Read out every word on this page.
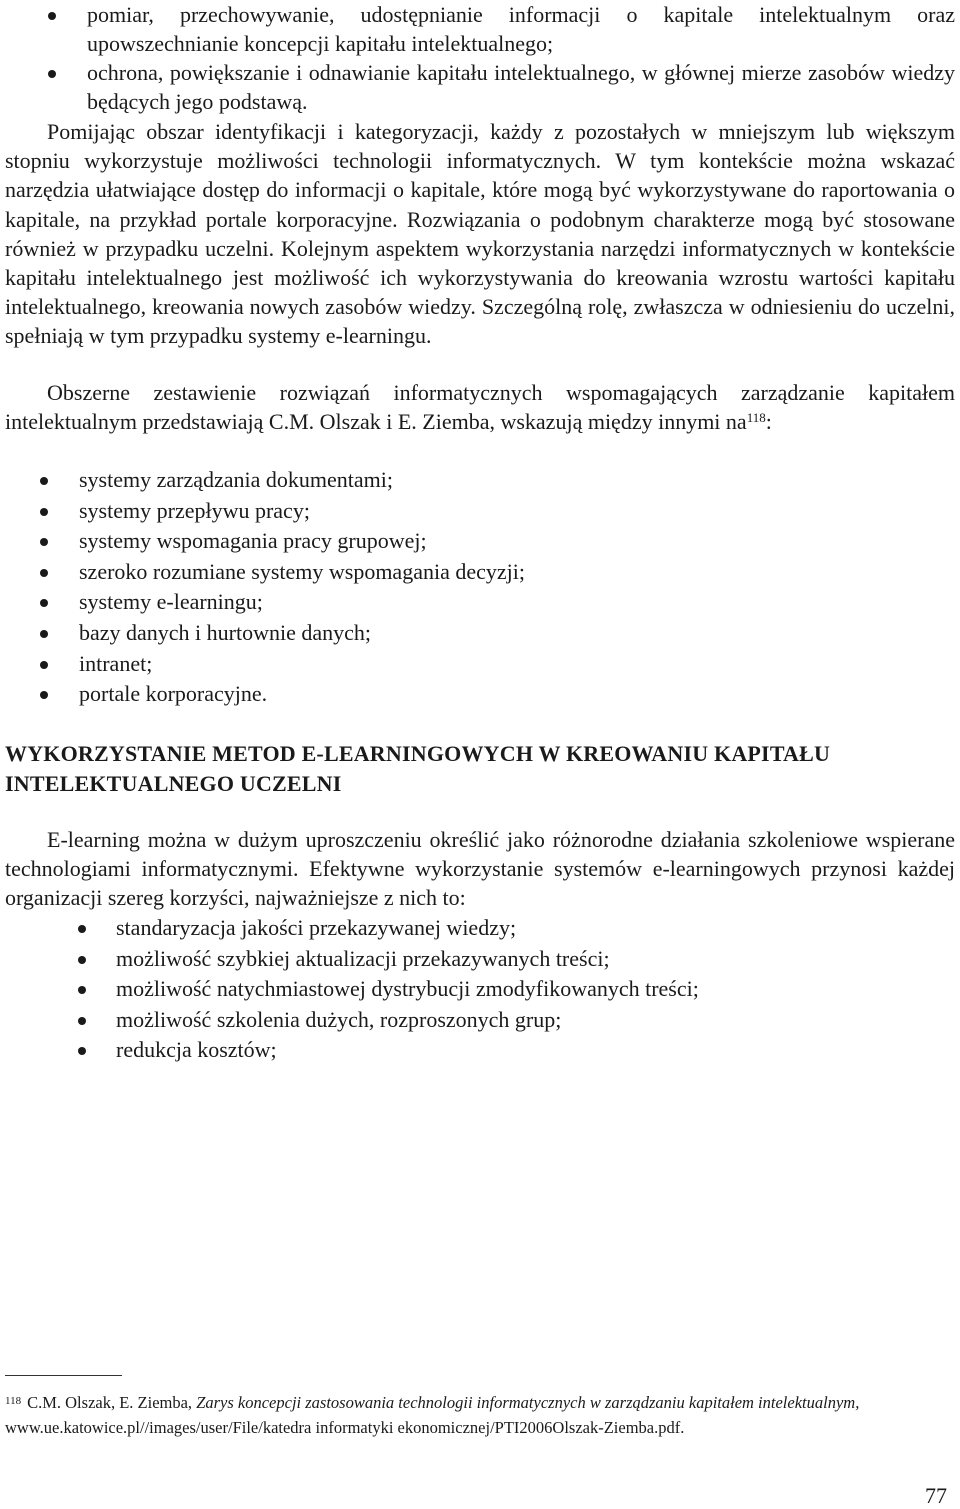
pomiar, przechowywanie, udostępnianie informacji o kapitale intelektualnym oraz upowszechnianie koncepcji kapitału intelektualnego;
ochrona, powiększanie i odnawianie kapitału intelektualnego, w głównej mierze zasobów wiedzy będących jego podstawą.

Pomijając obszar identyfikacji i kategoryzacji, każdy z pozostałych w mniejszym lub większym stopniu wykorzystuje możliwości technologii informatycznych. W tym kontekście można wskazać narzędzia ułatwiające dostęp do informacji o kapitale, które mogą być wykorzystywane do raportowania o kapitale, na przykład portale korporacyjne. Rozwiązania o podobnym charakterze mogą być stosowane również w przypadku uczelni. Kolejnym aspektem wykorzystania narzędzi informatycznych w kontekście kapitału intelektualnego jest możliwość ich wykorzystywania do kreowania wzrostu wartości kapitału intelektualnego, kreowania nowych zasobów wiedzy. Szczególną rolę, zwłaszcza w odniesieniu do uczelni, spełniają w tym przypadku systemy e-learningu.

Obszerne zestawienie rozwiązań informatycznych wspomagających zarządzanie kapitałem intelektualnym przedstawiają C.M. Olszak i E. Ziemba, wskazują między innymi na$^{118}$:

systemy zarządzania dokumentami;
systemy przepływu pracy;
systemy wspomagania pracy grupowej;
szeroko rozumiane systemy wspomagania decyzji;
systemy e-learningu;
bazy danych i hurtownie danych;
intranet;
portale korporacyjne.
WYKORZYSTANIE METOD E-LEARNINGOWYCH W KREOWANIU KAPITAŁU INTELEKTUALNEGO UCZELNI

E-learning można w dużym uproszczeniu określić jako różnorodne działania szkoleniowe wspierane technologiami informatycznymi. Efektywne wykorzystanie systemów e-learningowych przynosi każdej organizacji szereg korzyści, najważniejsze z nich to:

standaryzacja jakości przekazywanej wiedzy;
możliwość szybkiej aktualizacji przekazywanych treści;
możliwość natychmiastowej dystrybucji zmodyfikowanych treści;
możliwość szkolenia dużych, rozproszonych grup;
redukcja kosztów;

$^{118}$ C.M. Olszak, E. Ziemba, Zarys koncepcji zastosowania technologii informatycznych w zarządzaniu kapitałem intelektualnym, www.ue.katowice.pl//images/user/File/katedra informatyki ekonomicznej/PTI2006Olszak-Ziemba.pdf.

77
